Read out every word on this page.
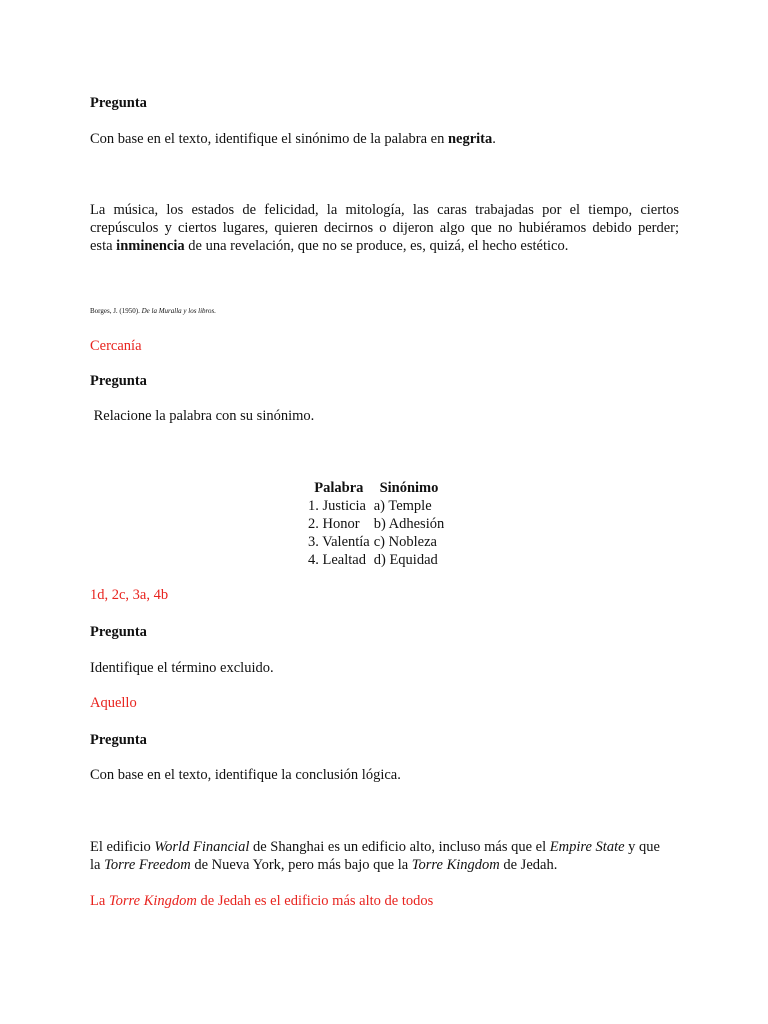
Pregunta
Con base en el texto, identifique el sinónimo de la palabra en negrita.
La música, los estados de felicidad, la mitología, las caras trabajadas por el tiempo, ciertos
crepúsculos y ciertos lugares, quieren decirnos o dijeron algo que no hubiéramos debido perder;
esta inminencia de una revelación, que no se produce, es, quizá, el hecho estético.
Borges, J. (1950). De la Muralla y los libros.
Cercanía
Pregunta
Relacione la palabra con su sinónimo.
Palabra	Sinónimo
1. Justicia	a) Temple
2. Honor	b) Adhesión
3. Valentía	c) Nobleza
4. Lealtad	d) Equidad
1d, 2c, 3a, 4b
Pregunta
Identifique el término excluido.
Aquello
Pregunta
Con base en el texto, identifique la conclusión lógica.
El edificio World Financial de Shanghai es un edificio alto, incluso más que el Empire State y que
la Torre Freedom de Nueva York, pero más bajo que la Torre Kingdom de Jedah.
La Torre Kingdom de Jedah es el edificio más alto de todos
